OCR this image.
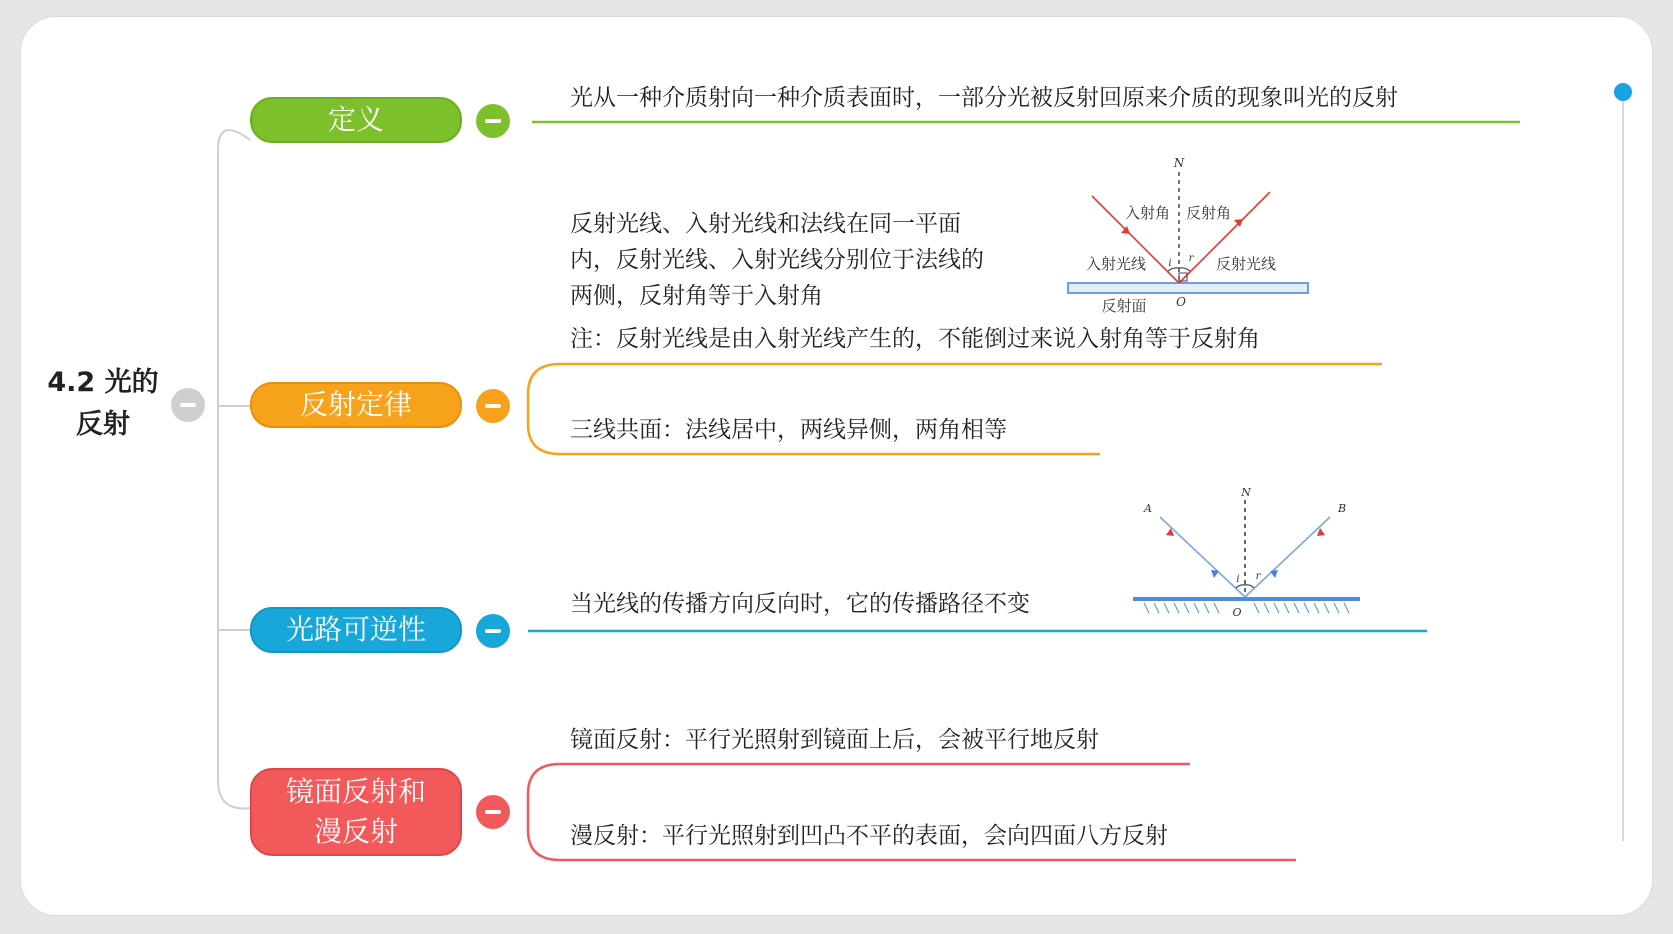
N
入射角 反射角
入射光线	反射光线
反射面 O
i r
N
A	B
O
i r
4.2 光的反射
定义
反射定律
光路可逆性
镜面反射和漫反射
光从一种介质射向一种介质表面时，一部分光被反射回原来介质的现象叫光的反射
反射光线、入射光线和法线在同一平面内，反射光线、入射光线分别位于法线的两侧，反射角等于入射角
注：反射光线是由入射光线产生的，不能倒过来说入射角等于反射角
三线共面：法线居中，两线异侧，两角相等
当光线的传播方向反向时，它的传播路径不变
镜面反射：平行光照射到镜面上后，会被平行地反射
漫反射：平行光照射到凹凸不平的表面，会向四面八方反射
